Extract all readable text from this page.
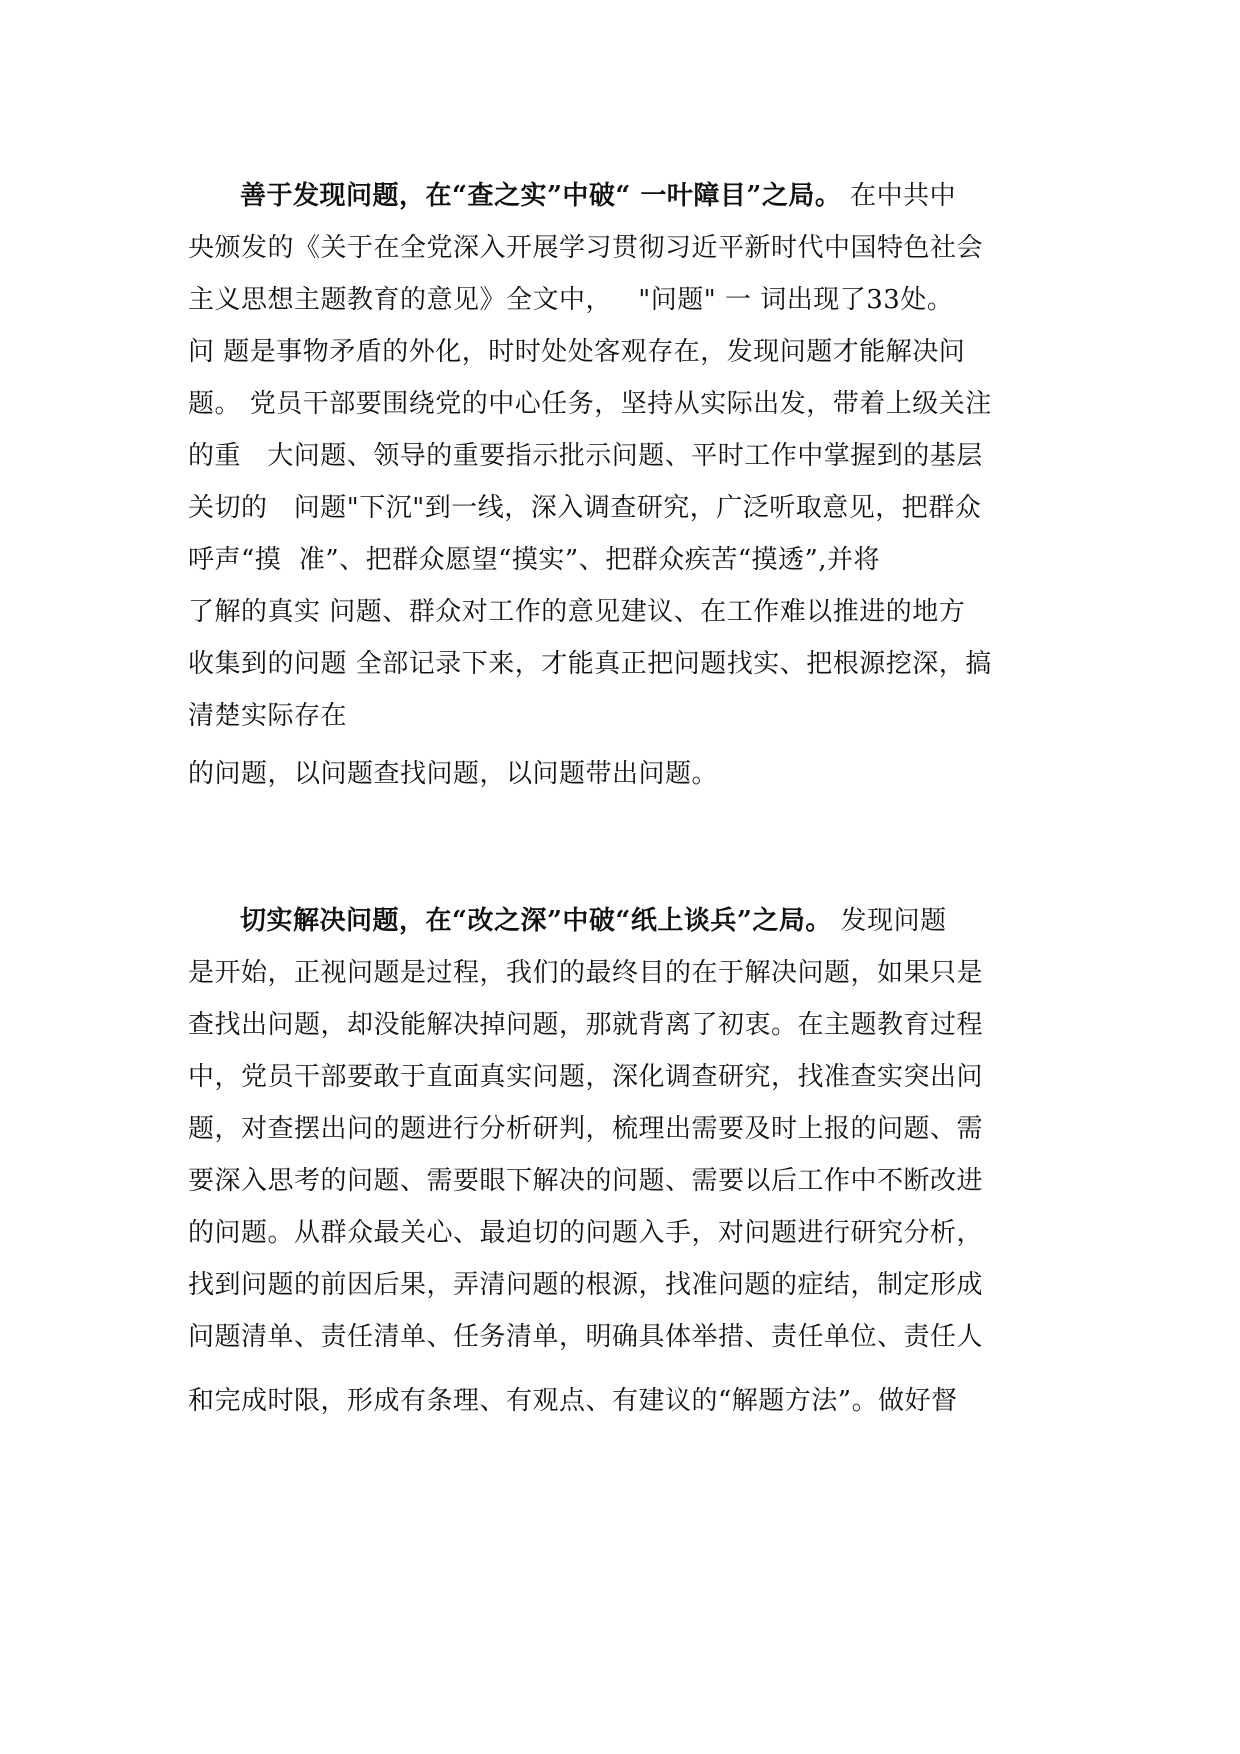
善于发现问题，在“查之实”中破“ 一叶障目”之局。 在中共中
央颁发的《关于在全党深入开展学习贯彻习近平新时代中国特色社会
主义思想主题教育的意见》全文中，   "问题" 一 词出现了33处。
问 题是事物矛盾的外化，时时处处客观存在，发现问题才能解决问
题。 党员干部要围绕党的中心任务，坚持从实际出发，带着上级关注
的重   大问题、领导的重要指示批示问题、平时工作中掌握到的基层
关切的   问题"下沉"到一线，深入调查研究，广泛听取意见，把群众
呼声“摸  准”、把群众愿望“摸实”、把群众疾苦“摸透”,并将
了解的真实 问题、群众对工作的意见建议、在工作难以推进的地方
收集到的问题 全部记录下来，才能真正把问题找实、把根源挖深，搞
清楚实际存在
的问题，以问题查找问题，以问题带出问题。
切实解决问题，在“改之深”中破“纸上谈兵”之局。 发现问题
是开始，正视问题是过程，我们的最终目的在于解决问题，如果只是
查找出问题，却没能解决掉问题，那就背离了初衷。在主题教育过程
中，党员干部要敢于直面真实问题，深化调查研究，找准查实突出问
题，对查摆出问的题进行分析研判，梳理出需要及时上报的问题、需
要深入思考的问题、需要眼下解决的问题、需要以后工作中不断改进
的问题。从群众最关心、最迫切的问题入手，对问题进行研究分析，
找到问题的前因后果，弄清问题的根源，找准问题的症结，制定形成
问题清单、责任清单、任务清单，明确具体举措、责任单位、责任人
和完成时限，形成有条理、有观点、有建议的“解题方法”。做好督
